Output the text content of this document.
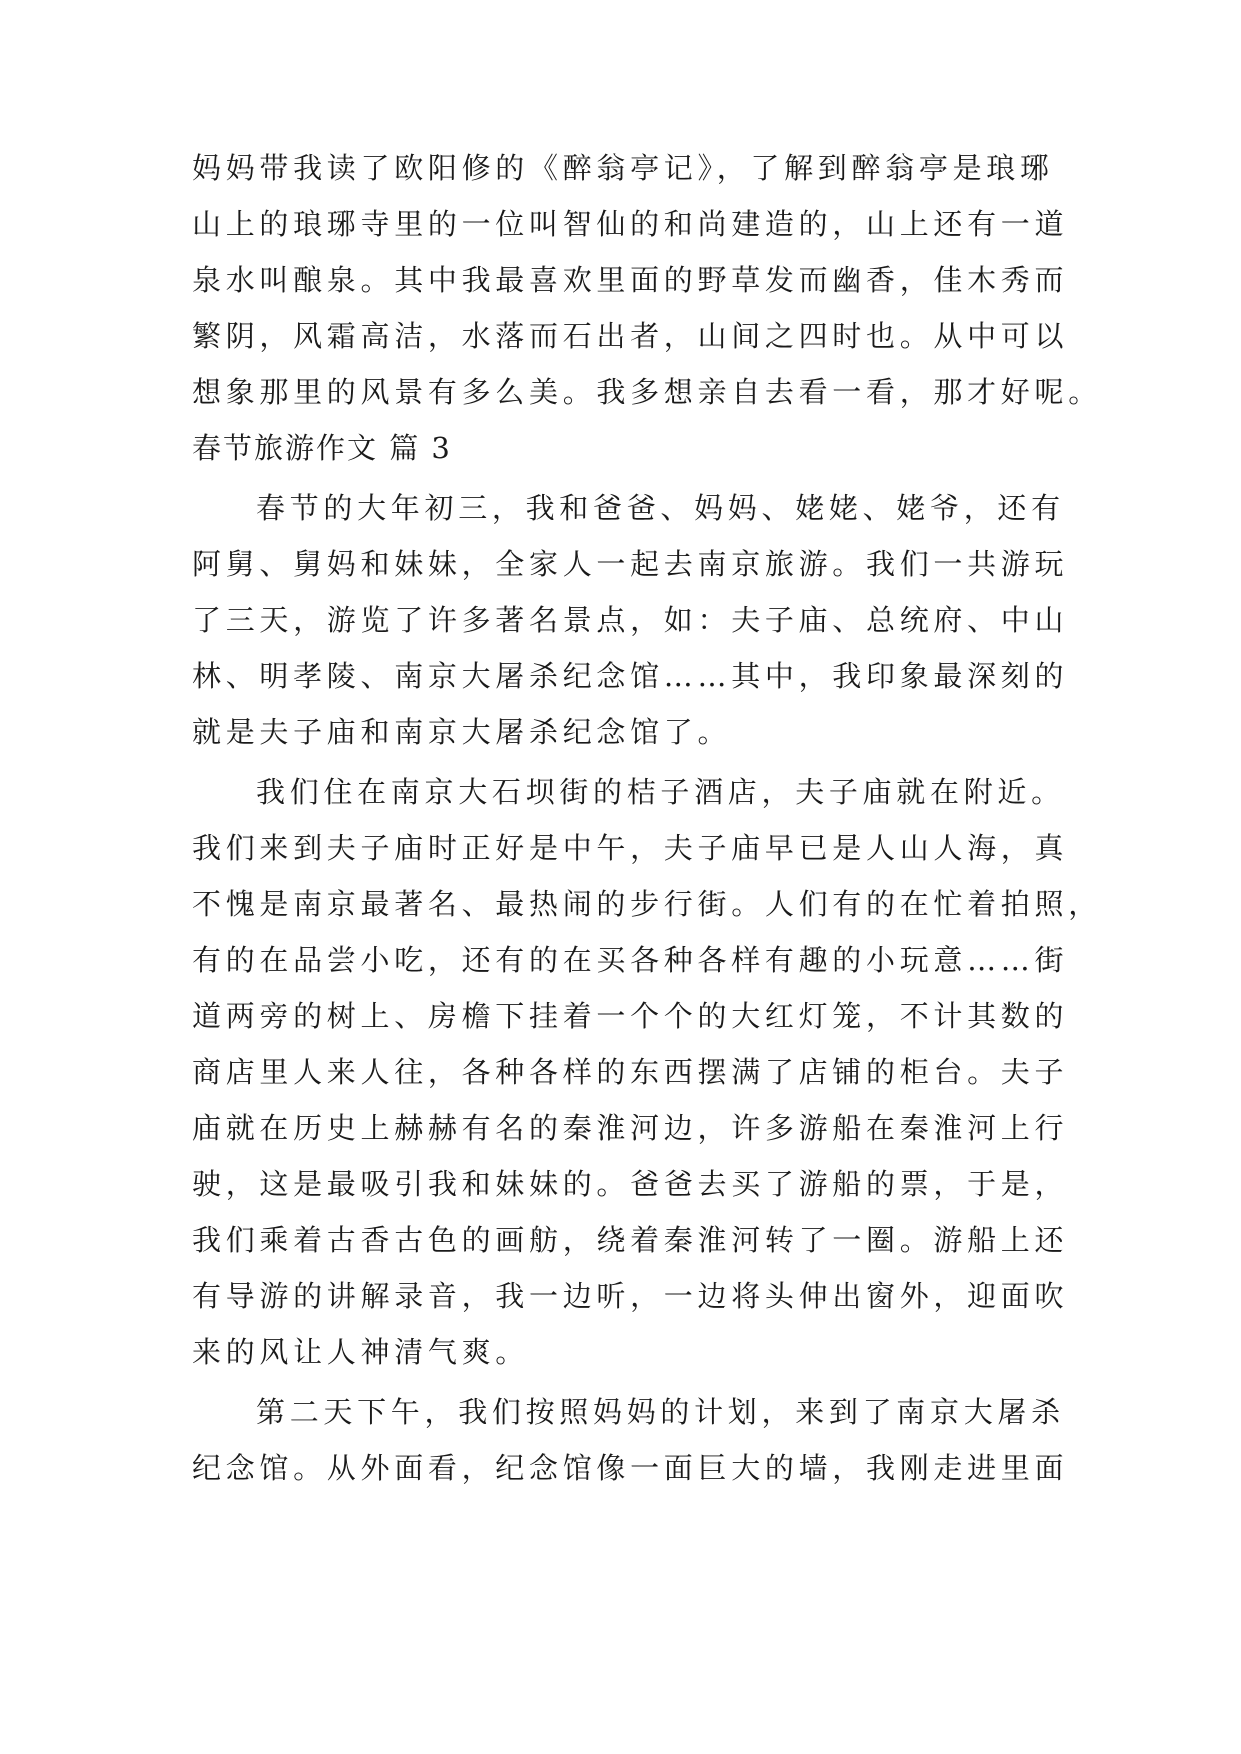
妈妈带我读了欧阳修的《醉翁亭记》，了解到醉翁亭是琅琊
山上的琅琊寺里的一位叫智仙的和尚建造的，山上还有一道
泉水叫酿泉。其中我最喜欢里面的野草发而幽香，佳木秀而
繁阴，风霜高洁，水落而石出者，山间之四时也。从中可以
想象那里的风景有多么美。我多想亲自去看一看，那才好呢。
春节旅游作文 篇 3
春节的大年初三，我和爸爸、妈妈、姥姥、姥爷，还有
阿舅、舅妈和妹妹，全家人一起去南京旅游。我们一共游玩
了三天，游览了许多著名景点，如：夫子庙、总统府、中山
林、明孝陵、南京大屠杀纪念馆……其中，我印象最深刻的
就是夫子庙和南京大屠杀纪念馆了。
我们住在南京大石坝街的桔子酒店，夫子庙就在附近。
我们来到夫子庙时正好是中午，夫子庙早已是人山人海，真
不愧是南京最著名、最热闹的步行街。人们有的在忙着拍照，
有的在品尝小吃，还有的在买各种各样有趣的小玩意……街
道两旁的树上、房檐下挂着一个个的大红灯笼，不计其数的
商店里人来人往，各种各样的东西摆满了店铺的柜台。夫子
庙就在历史上赫赫有名的秦淮河边，许多游船在秦淮河上行
驶，这是最吸引我和妹妹的。爸爸去买了游船的票，于是，
我们乘着古香古色的画舫，绕着秦淮河转了一圈。游船上还
有导游的讲解录音，我一边听，一边将头伸出窗外，迎面吹
来的风让人神清气爽。
第二天下午，我们按照妈妈的计划，来到了南京大屠杀
纪念馆。从外面看，纪念馆像一面巨大的墙，我刚走进里面
